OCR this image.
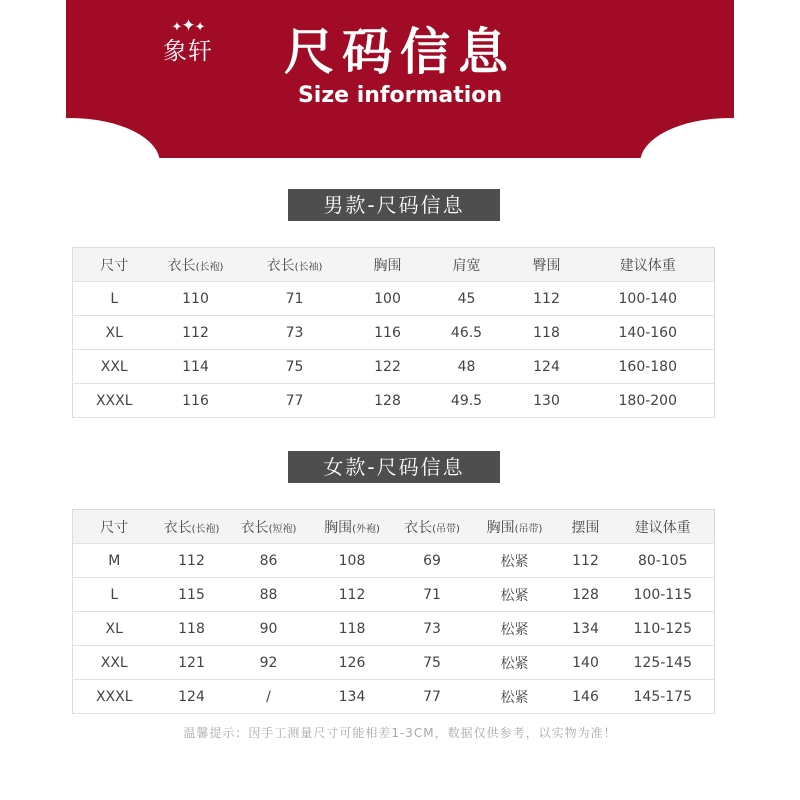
✦✦✦
象轩	尺码信息
Size information
男款-尺码信息
尺寸	衣长(长袍)	衣长(长袖)	胸围	肩宽	臀围	建议体重
L	110	71	100	45	112	100-140
XL	112	73	116	46.5	118	140-160
XXL	114	75	122	48	124	160-180
XXXL	116	77	128	49.5	130	180-200
女款-尺码信息
尺寸	衣长(长袍)	衣长(短袍)	胸围(外袍)	衣长(吊带)	胸围(吊带)	摆围	建议体重
M	112	86	108	69	松紧	112	80-105
L	115	88	112	71	松紧	128	100-115
XL	118	90	118	73	松紧	134	110-125
XXL	121	92	126	75	松紧	140	125-145
XXXL	124	/	134	77	松紧	146	145-175
温馨提示：因手工测量尺寸可能相差1-3CM，数据仅供参考，以实物为准！
